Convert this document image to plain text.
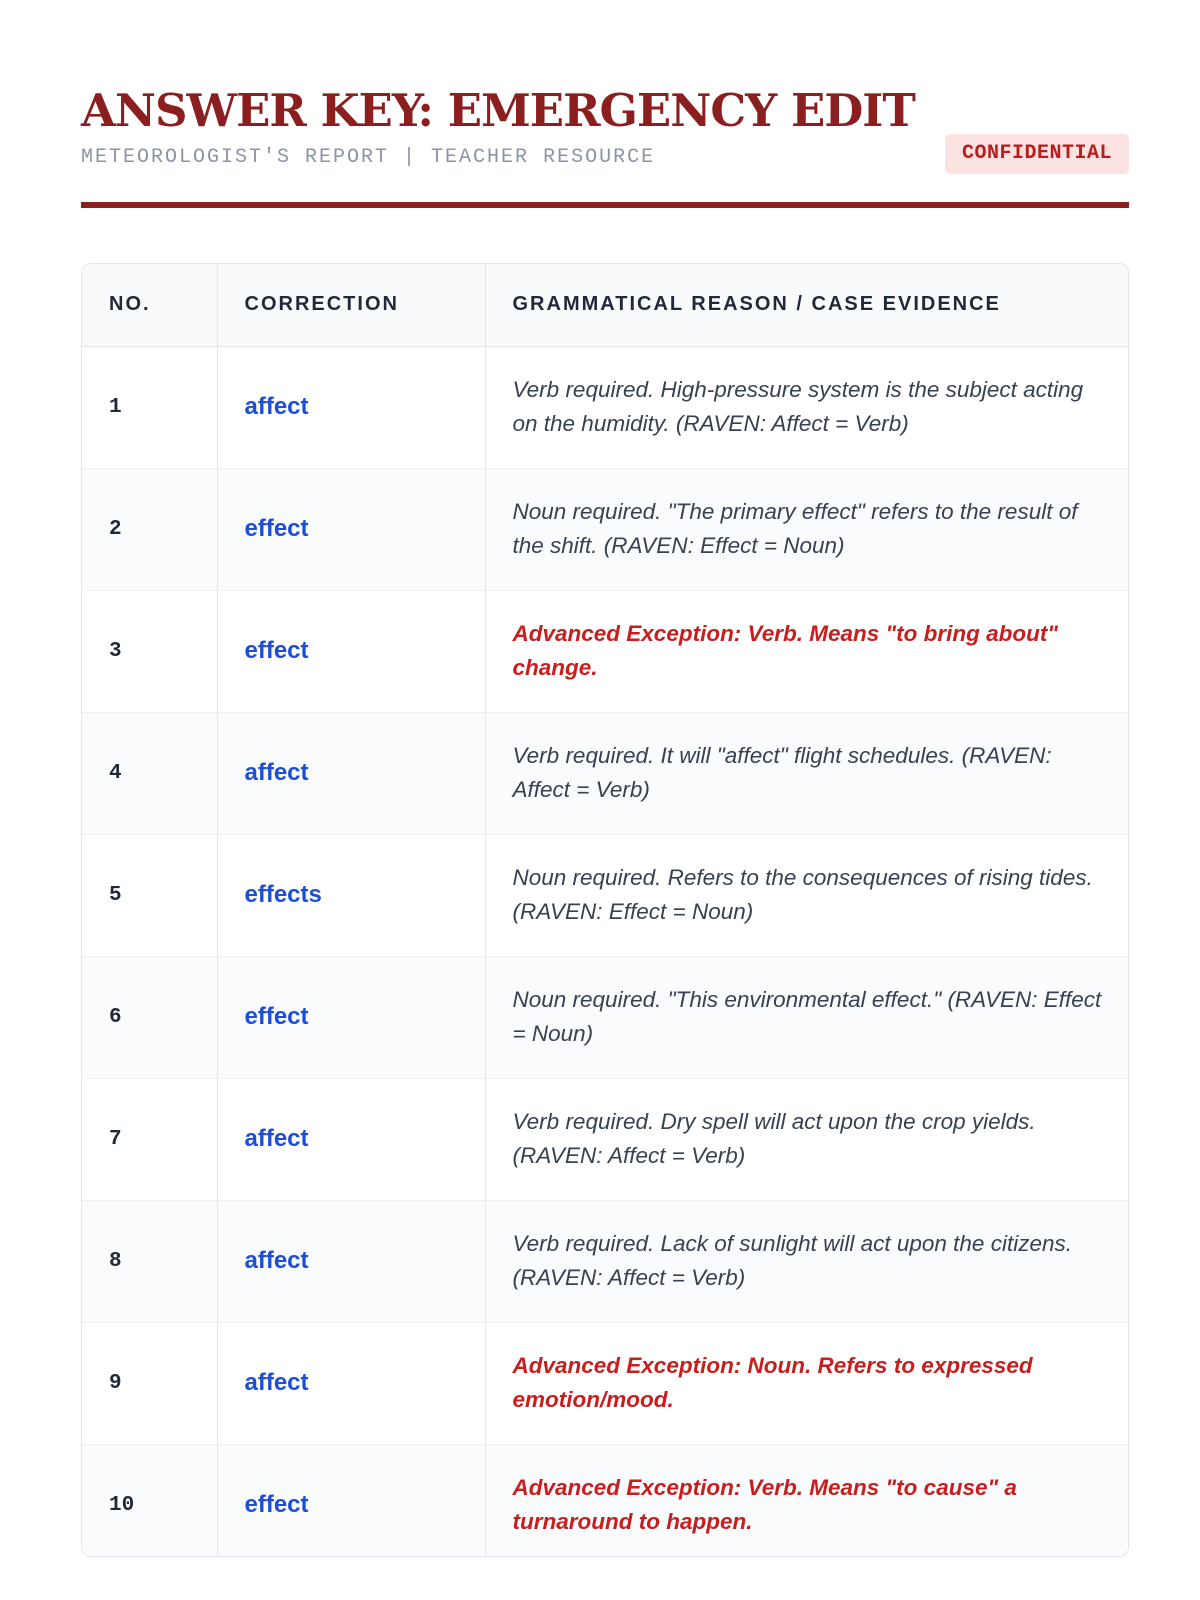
ANSWER KEY: EMERGENCY EDIT
METEOROLOGIST'S REPORT | TEACHER RESOURCE	CONFIDENTIAL
NO.	CORRECTION	GRAMMATICAL REASON / CASE EVIDENCE
1	affect	Verb required. High-pressure system is the subject acting on the humidity. (RAVEN: Affect = Verb)
2	effect	Noun required. "The primary effect" refers to the result of the shift. (RAVEN: Effect = Noun)
3	effect	Advanced Exception: Verb. Means "to bring about" change.
4	affect	Verb required. It will "affect" flight schedules. (RAVEN: Affect = Verb)
5	effects	Noun required. Refers to the consequences of rising tides. (RAVEN: Effect = Noun)
6	effect	Noun required. "This environmental effect." (RAVEN: Effect = Noun)
7	affect	Verb required. Dry spell will act upon the crop yields. (RAVEN: Affect = Verb)
8	affect	Verb required. Lack of sunlight will act upon the citizens. (RAVEN: Affect = Verb)
9	affect	Advanced Exception: Noun. Refers to expressed emotion/mood.
10	effect	Advanced Exception: Verb. Means "to cause" a turnaround to happen.
